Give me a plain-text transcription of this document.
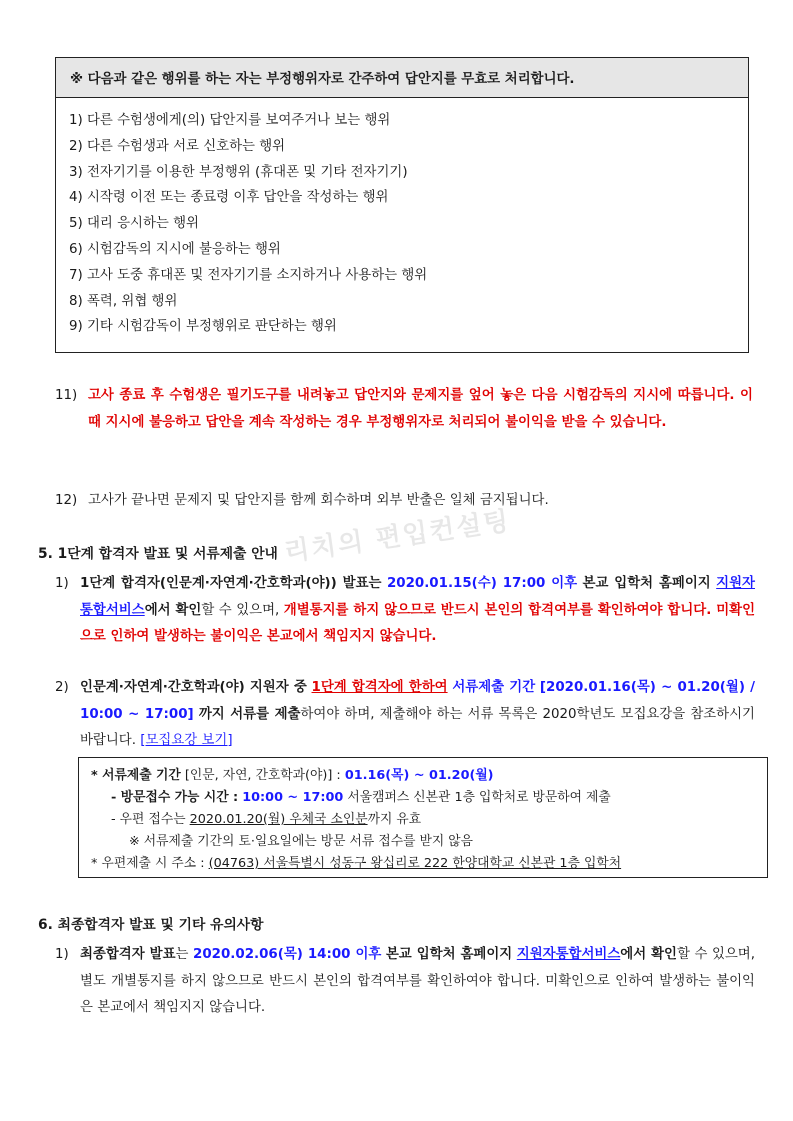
※ 다음과 같은 행위를 하는 자는 부정행위자로 간주하여 답안지를 무효로 처리합니다.
1) 다른 수험생에게(의) 답안지를 보여주거나 보는 행위
2) 다른 수험생과 서로 신호하는 행위
3) 전자기기를 이용한 부정행위 (휴대폰 및 기타 전자기기)
4) 시작령 이전 또는 종료령 이후 답안을 작성하는 행위
5) 대리 응시하는 행위
6) 시험감독의 지시에 불응하는 행위
7) 고사 도중 휴대폰 및 전자기기를 소지하거나 사용하는 행위
8) 폭력, 위협 행위
9) 기타 시험감독이 부정행위로 판단하는 행위
11) 고사 종료 후 수험생은 필기도구를 내려놓고 답안지와 문제지를 엎어 놓은 다음 시험감독의 지시에 따릅니다. 이때 지시에 불응하고 답안을 계속 작성하는 경우 부정행위자로 처리되어 불이익을 받을 수 있습니다.
12) 고사가 끝나면 문제지 및 답안지를 함께 회수하며 외부 반출은 일체 금지됩니다.
리치의 편입컨설팅
5. 1단계 합격자 발표 및 서류제출 안내
1) 1단계 합격자(인문계·자연계·간호학과(야)) 발표는 2020.01.15(수) 17:00 이후 본교 입학처 홈페이지 지원자통합서비스에서 확인할 수 있으며, 개별통지를 하지 않으므로 반드시 본인의 합격여부를 확인하여야 합니다. 미확인으로 인하여 발생하는 불이익은 본교에서 책임지지 않습니다.
2) 인문계·자연계·간호학과(야) 지원자 중 1단계 합격자에 한하여 서류제출 기간 [2020.01.16(목) ~ 01.20(월) / 10:00 ~ 17:00] 까지 서류를 제출하여야 하며, 제출해야 하는 서류 목록은 2020학년도 모집요강을 참조하시기 바랍니다. [모집요강 보기]
* 서류제출 기간 [인문, 자연, 간호학과(야)] : 01.16(목) ~ 01.20(월)
- 방문접수 가능 시간 : 10:00 ~ 17:00 서울캠퍼스 신본관 1층 입학처로 방문하여 제출
- 우편 접수는 2020.01.20(월) 우체국 소인분까지 유효
※ 서류제출 기간의 토·일요일에는 방문 서류 접수를 받지 않음
* 우편제출 시 주소 : (04763) 서울특별시 성동구 왕십리로 222 한양대학교 신본관 1층 입학처
6. 최종합격자 발표 및 기타 유의사항
1) 최종합격자 발표는 2020.02.06(목) 14:00 이후 본교 입학처 홈페이지 지원자통합서비스에서 확인할 수 있으며, 별도 개별통지를 하지 않으므로 반드시 본인의 합격여부를 확인하여야 합니다. 미확인으로 인하여 발생하는 불이익은 본교에서 책임지지 않습니다.
